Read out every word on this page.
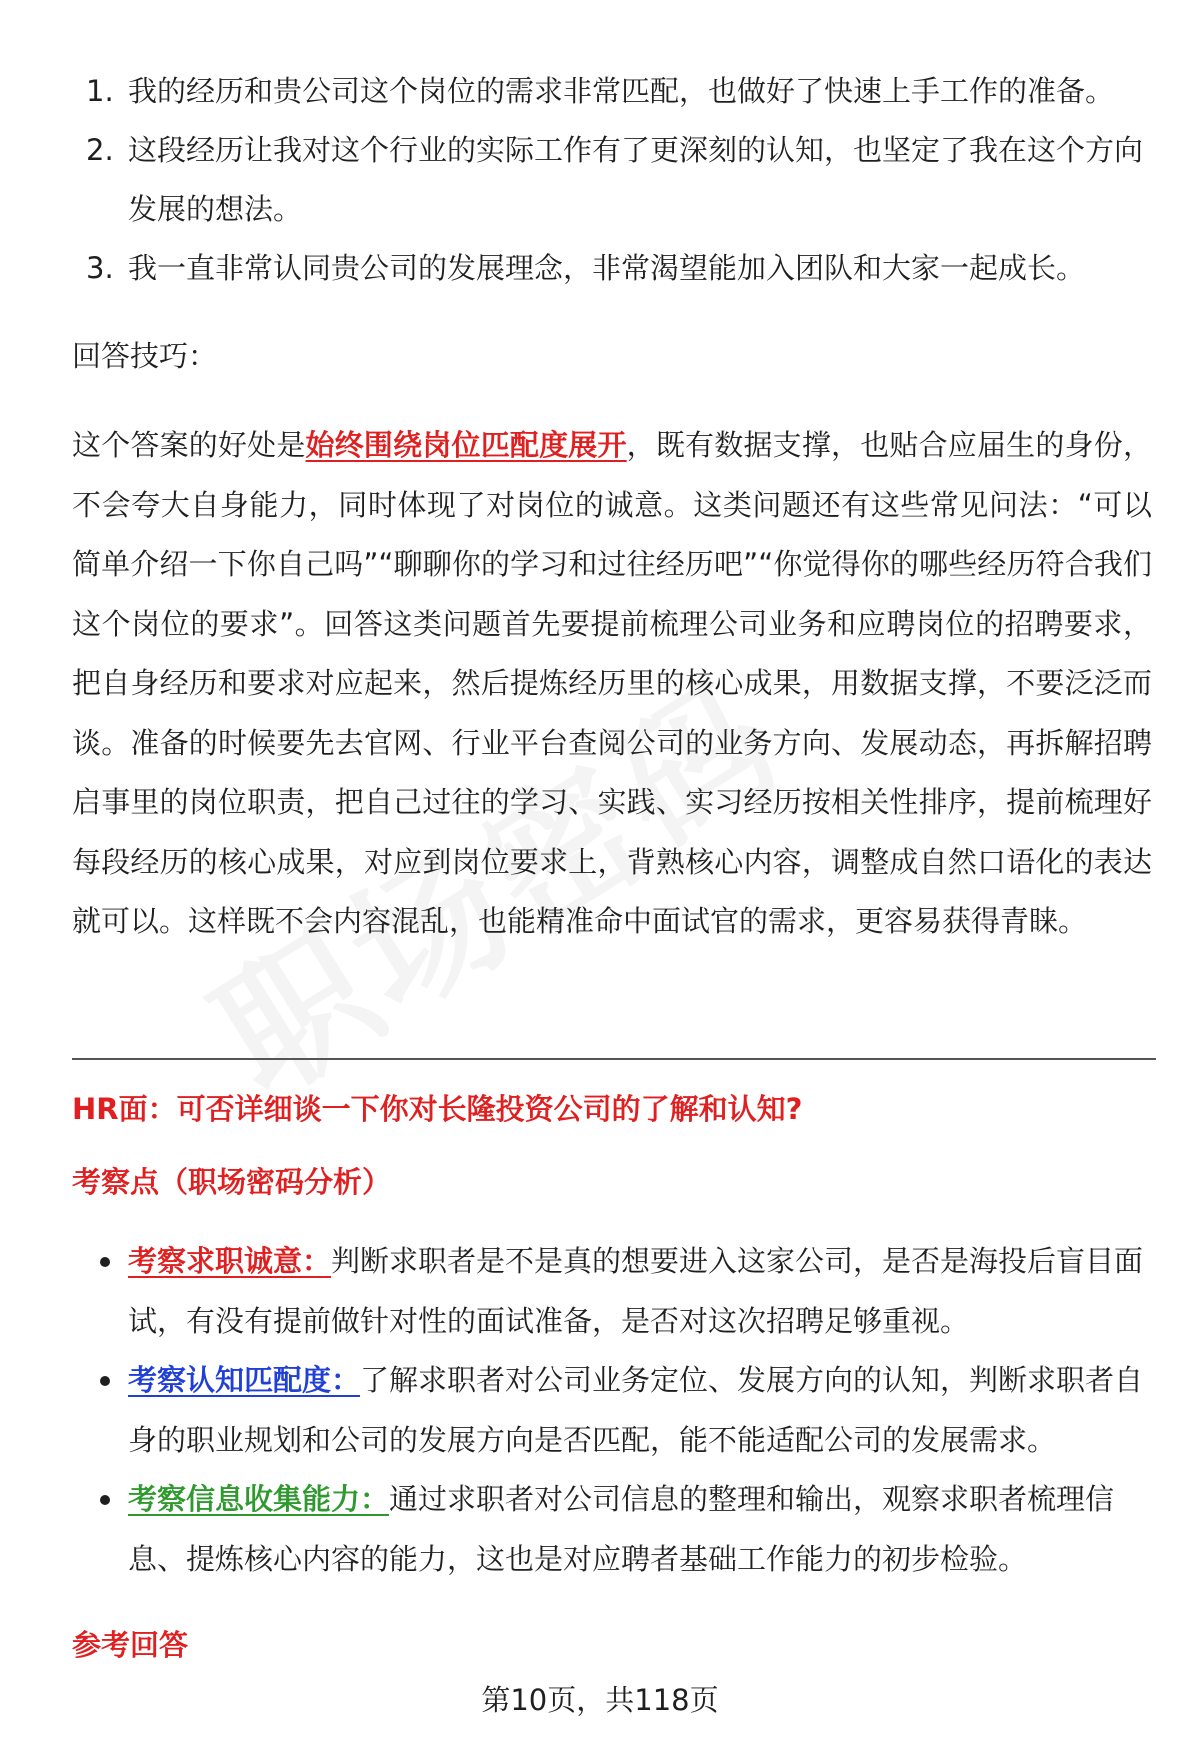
1. 我的经历和贵公司这个岗位的需求非常匹配，也做好了快速上手工作的准备。
2. 这段经历让我对这个行业的实际工作有了更深刻的认知，也坚定了我在这个方向发展的想法。
3. 我一直非常认同贵公司的发展理念，非常渴望能加入团队和大家一起成长。
回答技巧：
这个答案的好处是始终围绕岗位匹配度展开，既有数据支撑，也贴合应届生的身份，不会夸大自身能力，同时体现了对岗位的诚意。这类问题还有这些常见问法：“可以简单介绍一下你自己吗”“聊聊你的学习和过往经历吧”“你觉得你的哪些经历符合我们这个岗位的要求”。回答这类问题首先要提前梳理公司业务和应聘岗位的招聘要求，把自身经历和要求对应起来，然后提炼经历里的核心成果，用数据支撑，不要泛泛而谈。准备的时候要先去官网、行业平台查阅公司的业务方向、发展动态，再拆解招聘启事里的岗位职责，把自己过往的学习、实践、实习经历按相关性排序，提前梳理好每段经历的核心成果，对应到岗位要求上，背熟核心内容，调整成自然口语化的表达就可以。这样既不会内容混乱，也能精准命中面试官的需求，更容易获得青睐。
HR面：可否详细谈一下你对长隆投资公司的了解和认知?
考察点（职场密码分析）
考察求职诚意：判断求职者是不是真的想要进入这家公司，是否是海投后盲目面试，有没有提前做针对性的面试准备，是否对这次招聘足够重视。
考察认知匹配度：了解求职者对公司业务定位、发展方向的认知，判断求职者自身的职业规划和公司的发展方向是否匹配，能不能适配公司的发展需求。
考察信息收集能力：通过求职者对公司信息的整理和输出，观察求职者梳理信息、提炼核心内容的能力，这也是对应聘者基础工作能力的初步检验。
参考回答
第10页，共118页
